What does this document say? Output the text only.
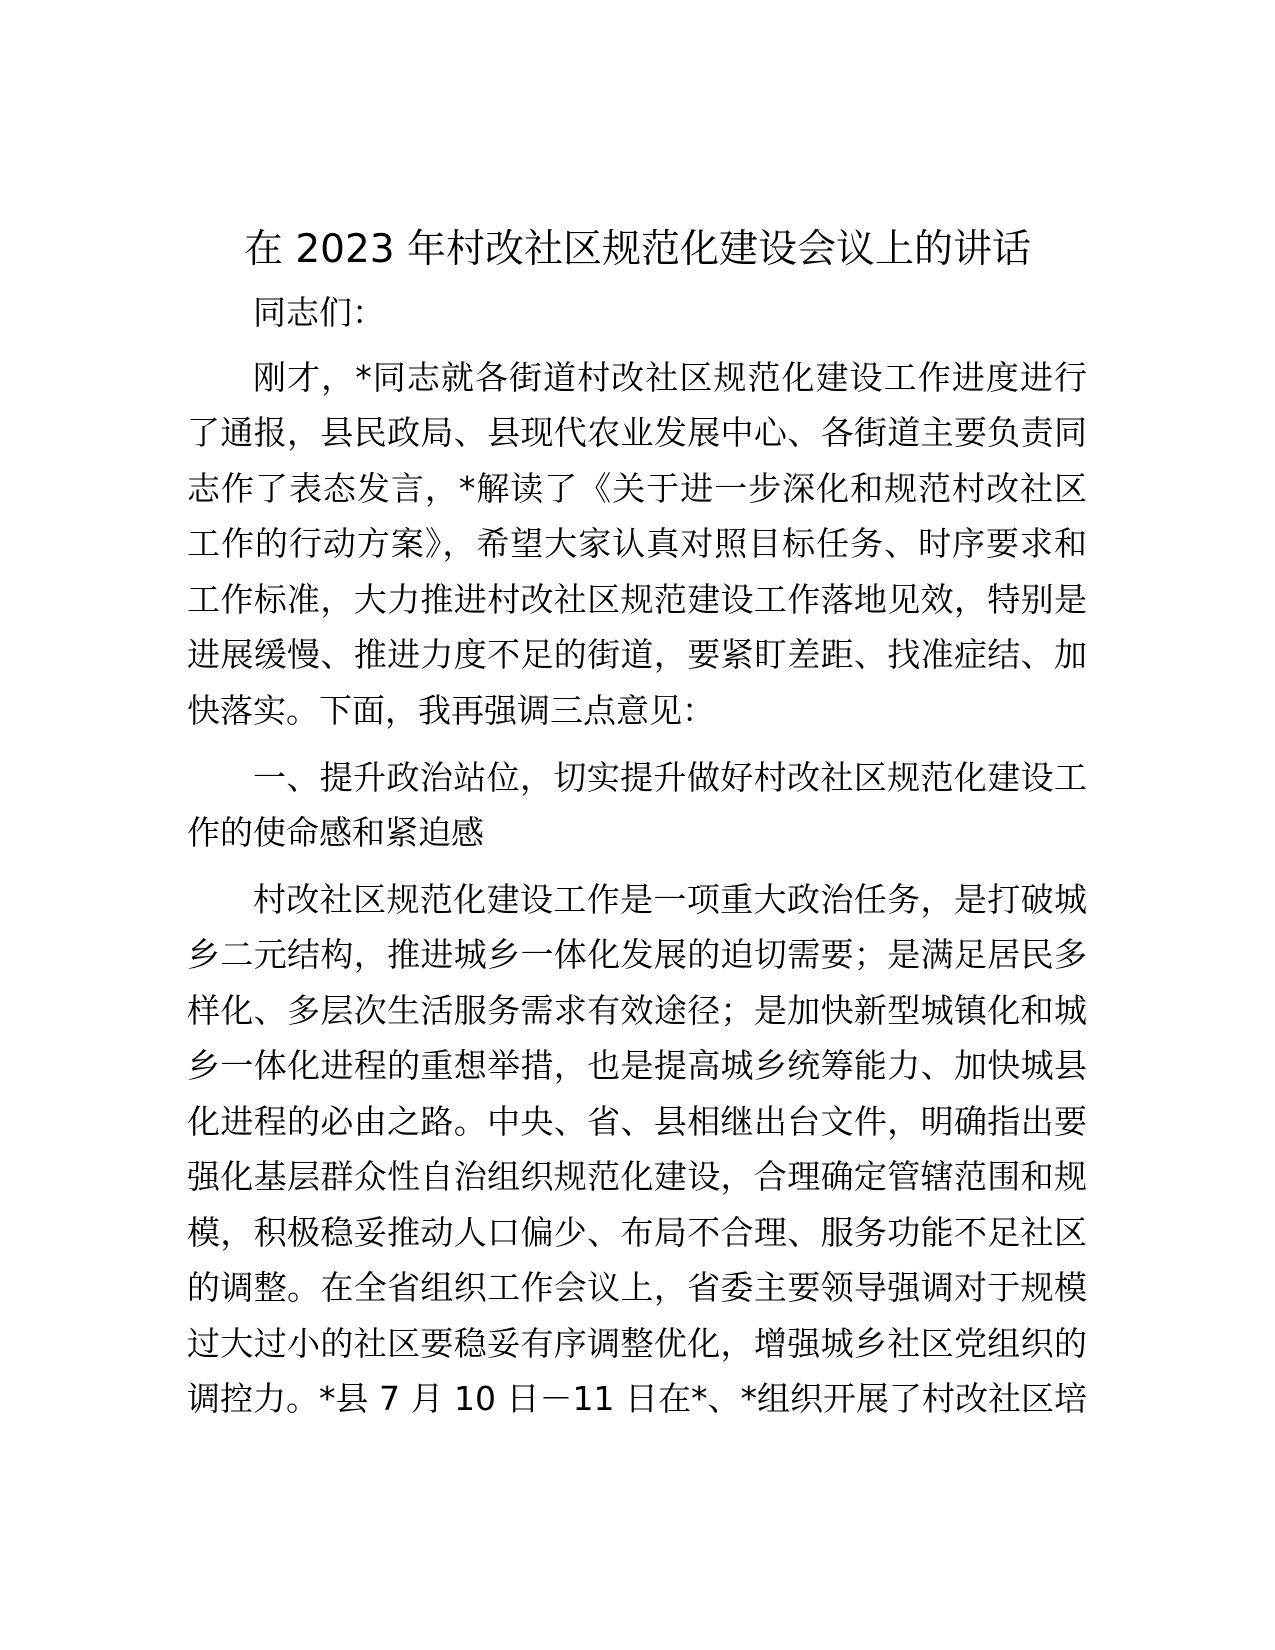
在 2023 年村改社区规范化建设会议上的讲话
同志们：
刚才，*同志就各街道村改社区规范化建设工作进度进行
了通报，县民政局、县现代农业发展中心、各街道主要负责同
志作了表态发言，*解读了《关于进一步深化和规范村改社区
工作的行动方案》，希望大家认真对照目标任务、时序要求和
工作标准，大力推进村改社区规范建设工作落地见效，特别是
进展缓慢、推进力度不足的街道，要紧盯差距、找准症结、加
快落实。下面，我再强调三点意见：
一、提升政治站位，切实提升做好村改社区规范化建设工
作的使命感和紧迫感
村改社区规范化建设工作是一项重大政治任务，是打破城
乡二元结构，推进城乡一体化发展的迫切需要；是满足居民多
样化、多层次生活服务需求有效途径；是加快新型城镇化和城
乡一体化进程的重想举措，也是提高城乡统筹能力、加快城县
化进程的必由之路。中央、省、县相继出台文件，明确指出要
强化基层群众性自治组织规范化建设，合理确定管辖范围和规
模，积极稳妥推动人口偏少、布局不合理、服务功能不足社区
的调整。在全省组织工作会议上，省委主要领导强调对于规模
过大过小的社区要稳妥有序调整优化，增强城乡社区党组织的
调控力。*县 7 月 10 日－11 日在*、*组织开展了村改社区培
